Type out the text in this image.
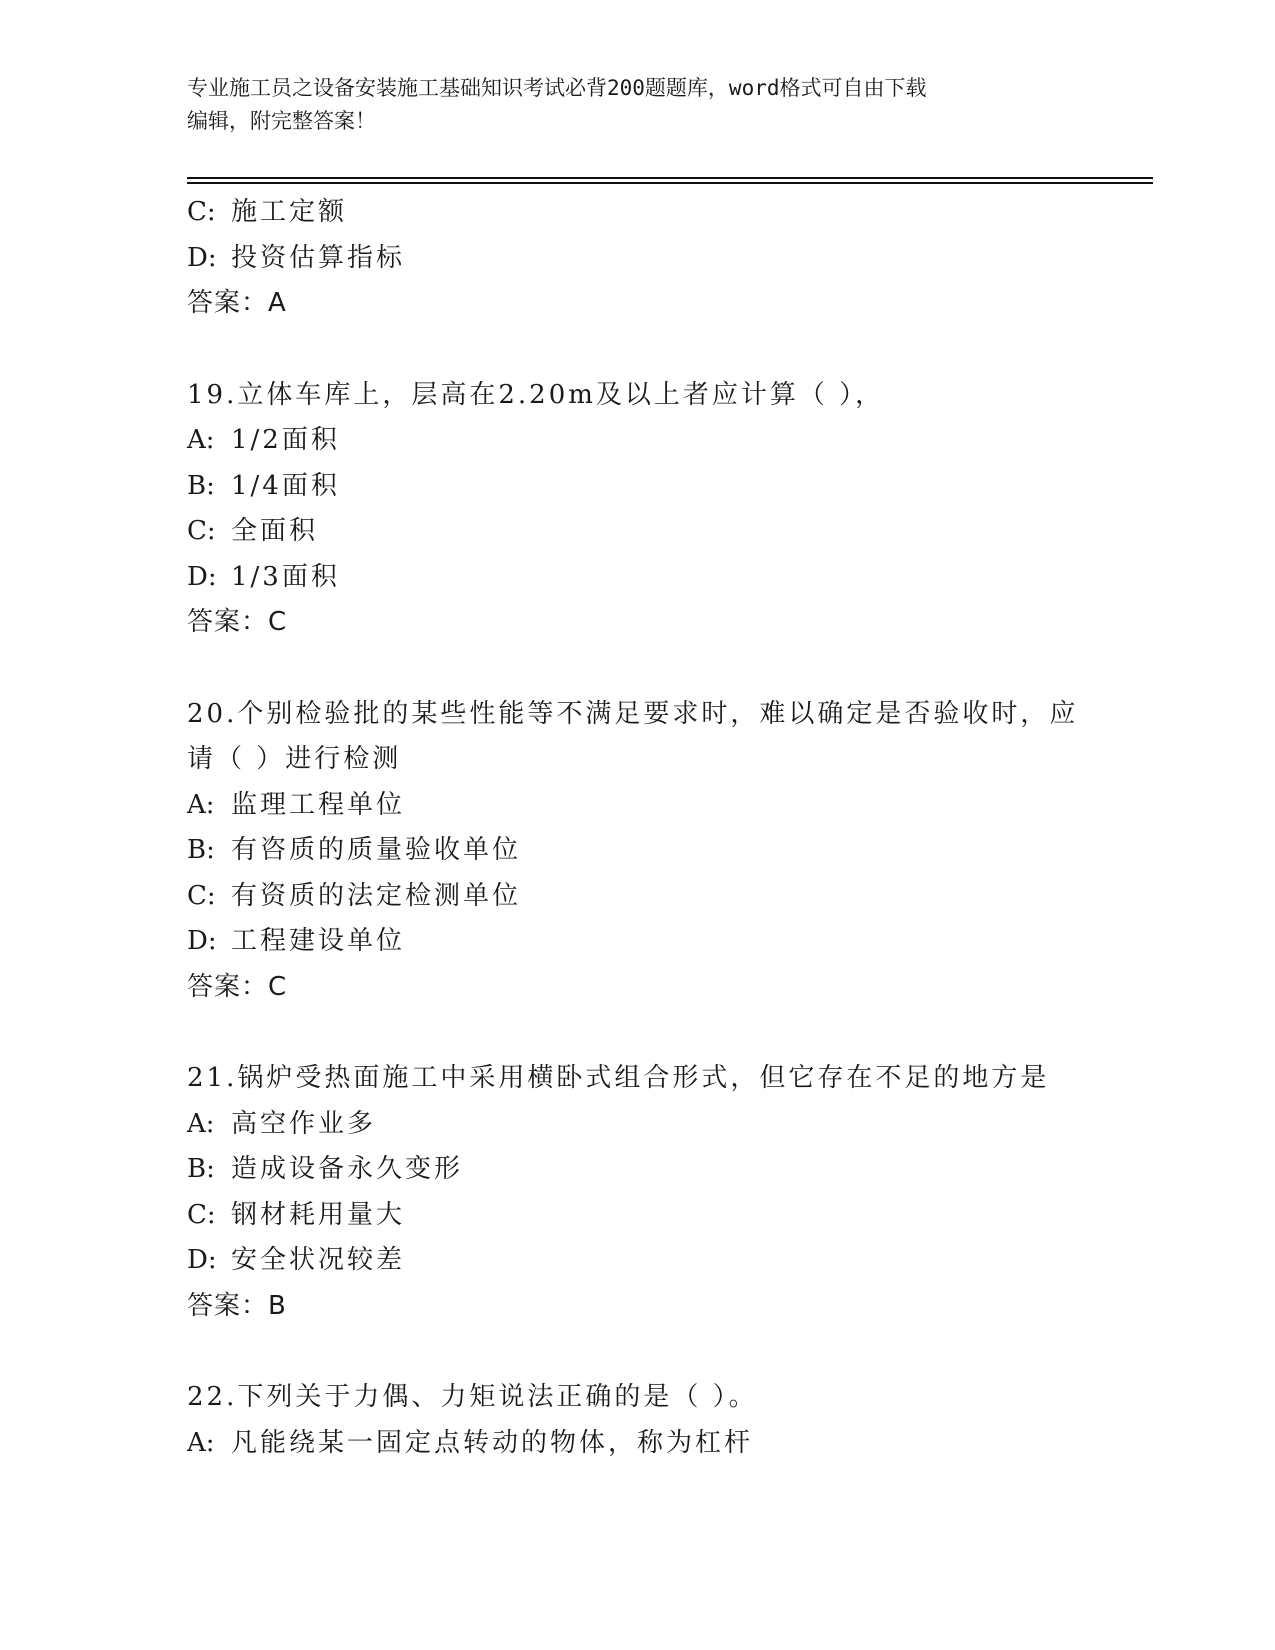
专业施工员之设备安装施工基础知识考试必背200题题库，word格式可自由下载
编辑，附完整答案！
C: 施工定额
D: 投资估算指标
答案：A
19.立体车库上，层高在2.20m及以上者应计算（ ），
A: 1/2面积
B: 1/4面积
C: 全面积
D: 1/3面积
答案：C
20.个别检验批的某些性能等不满足要求时，难以确定是否验收时，应
请（ ）进行检测
A: 监理工程单位
B: 有咨质的质量验收单位
C: 有资质的法定检测单位
D: 工程建设单位
答案：C
21.锅炉受热面施工中采用横卧式组合形式，但它存在不足的地方是
A: 高空作业多
B: 造成设备永久变形
C: 钢材耗用量大
D: 安全状况较差
答案：B
22.下列关于力偶、力矩说法正确的是（ ）。
A: 凡能绕某一固定点转动的物体，称为杠杆
